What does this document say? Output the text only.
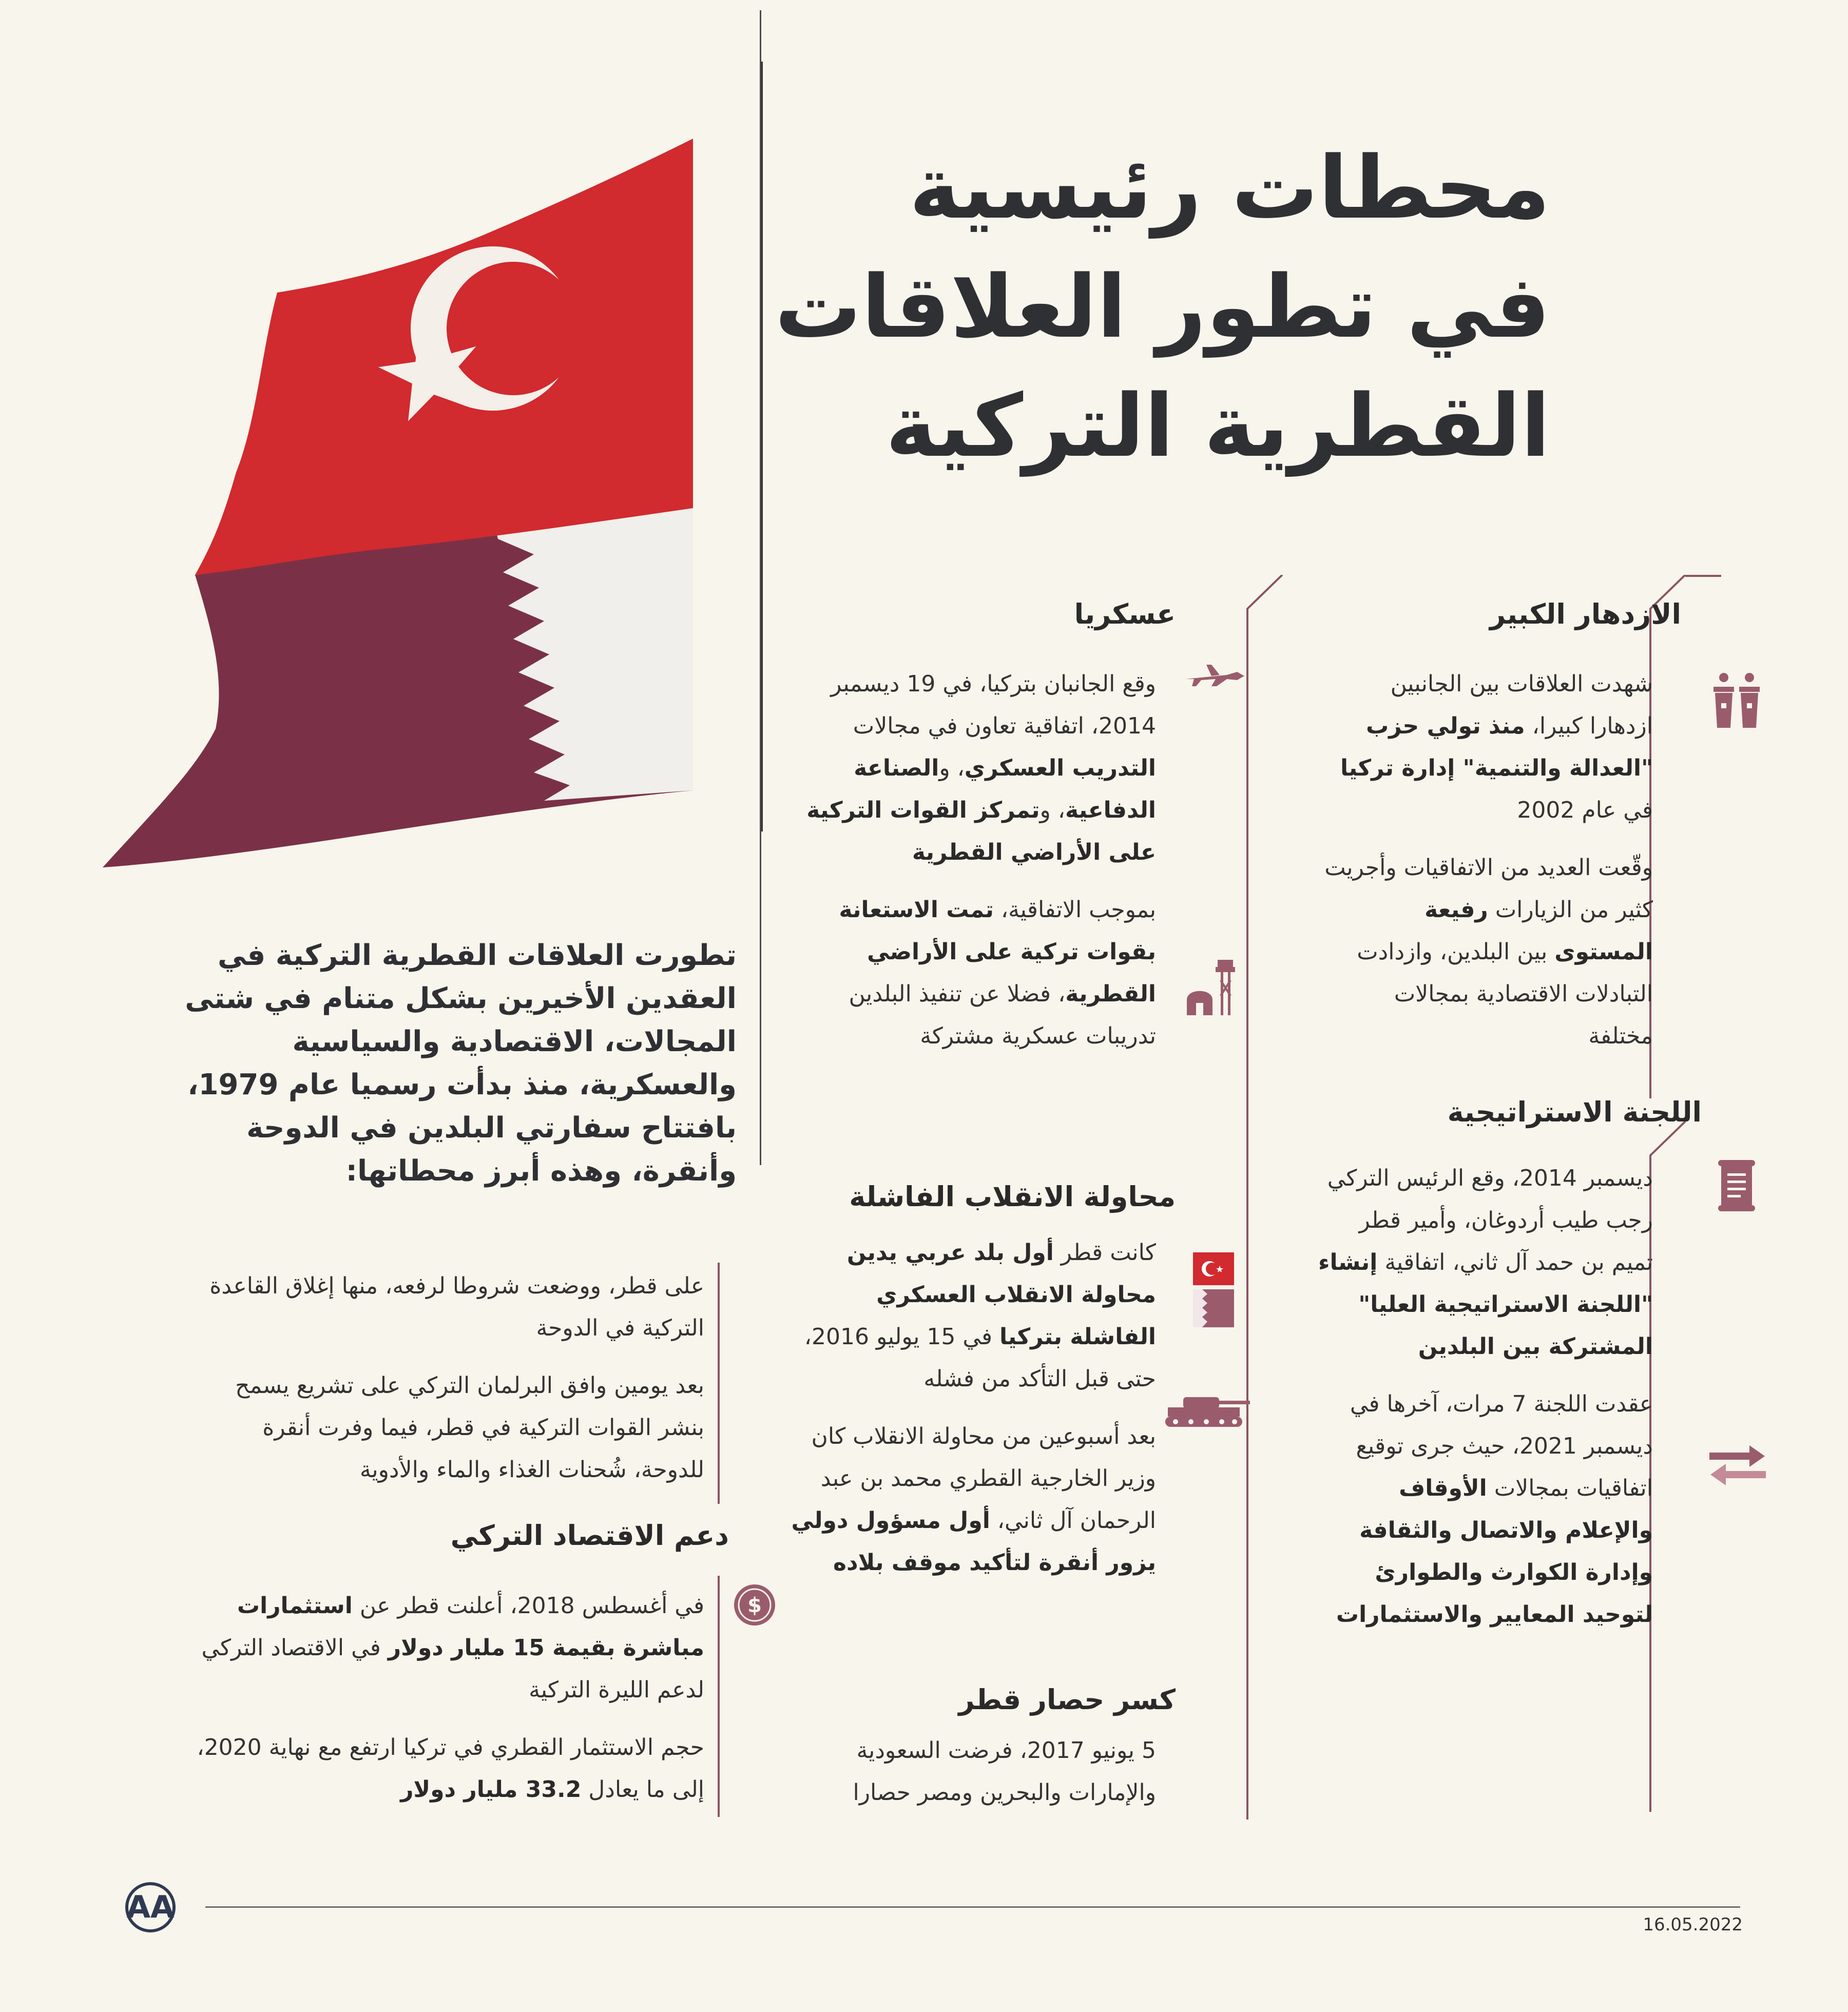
محطات رئيسية
في تطور العلاقات
القطرية التركية
تطورت العلاقات القطرية التركية في العقدين الأخيرين بشكل متنام في شتى المجالات، الاقتصادية والسياسية والعسكرية، منذ بدأت رسميا عام 1979، بافتتاح سفارتي البلدين في الدوحة وأنقرة، وهذه أبرز محطاتها:
الازدهار الكبير

شهدت العلاقات بين الجانبين ازدهارا كبيرا، منذ تولي حزب "العدالة والتنمية" إدارة تركيا في عام 2002

وقّعت العديد من الاتفاقيات وأجريت كثير من الزيارات رفيعة المستوى بين البلدين، وازدادت التبادلات الاقتصادية بمجالات مختلفة

اللجنة الاستراتيجية

ديسمبر 2014، وقع الرئيس التركي رجب طيب أردوغان، وأمير قطر تميم بن حمد آل ثاني، اتفاقية إنشاء "اللجنة الاستراتيجية العليا" المشتركة بين البلدين

عقدت اللجنة 7 مرات، آخرها في ديسمبر 2021، حيث جرى توقيع اتفاقيات بمجالات الأوقاف والإعلام والاتصال والثقافة وإدارة الكوارث والطوارئ لتوحيد المعايير والاستثمارات

عسكريا

وقع الجانبان بتركيا، في 19 ديسمبر 2014، اتفاقية تعاون في مجالات التدريب العسكري، والصناعة الدفاعية، وتمركز القوات التركية على الأراضي القطرية

بموجب الاتفاقية، تمت الاستعانة بقوات تركية على الأراضي القطرية، فضلا عن تنفيذ البلدين تدريبات عسكرية مشتركة

محاولة الانقلاب الفاشلة

كانت قطر أول بلد عربي يدين محاولة الانقلاب العسكري الفاشلة بتركيا في 15 يوليو 2016، حتى قبل التأكد من فشله

بعد أسبوعين من محاولة الانقلاب كان وزير الخارجية القطري محمد بن عبد الرحمان آل ثاني، أول مسؤول دولي يزور أنقرة لتأكيد موقف بلاده

كسر حصار قطر

5 يونيو 2017، فرضت السعودية والإمارات والبحرين ومصر حصارا

على قطر، ووضعت شروطا لرفعه، منها إغلاق القاعدة التركية في الدوحة

بعد يومين وافق البرلمان التركي على تشريع يسمح بنشر القوات التركية في قطر، فيما وفرت أنقرة للدوحة، شُحنات الغذاء والماء والأدوية

دعم الاقتصاد التركي

في أغسطس 2018، أعلنت قطر عن استثمارات مباشرة بقيمة 15 مليار دولار في الاقتصاد التركي لدعم الليرة التركية

حجم الاستثمار القطري في تركيا ارتفع مع نهاية 2020، إلى ما يعادل 33.2 مليار دولار

$
AA	16.05.2022
